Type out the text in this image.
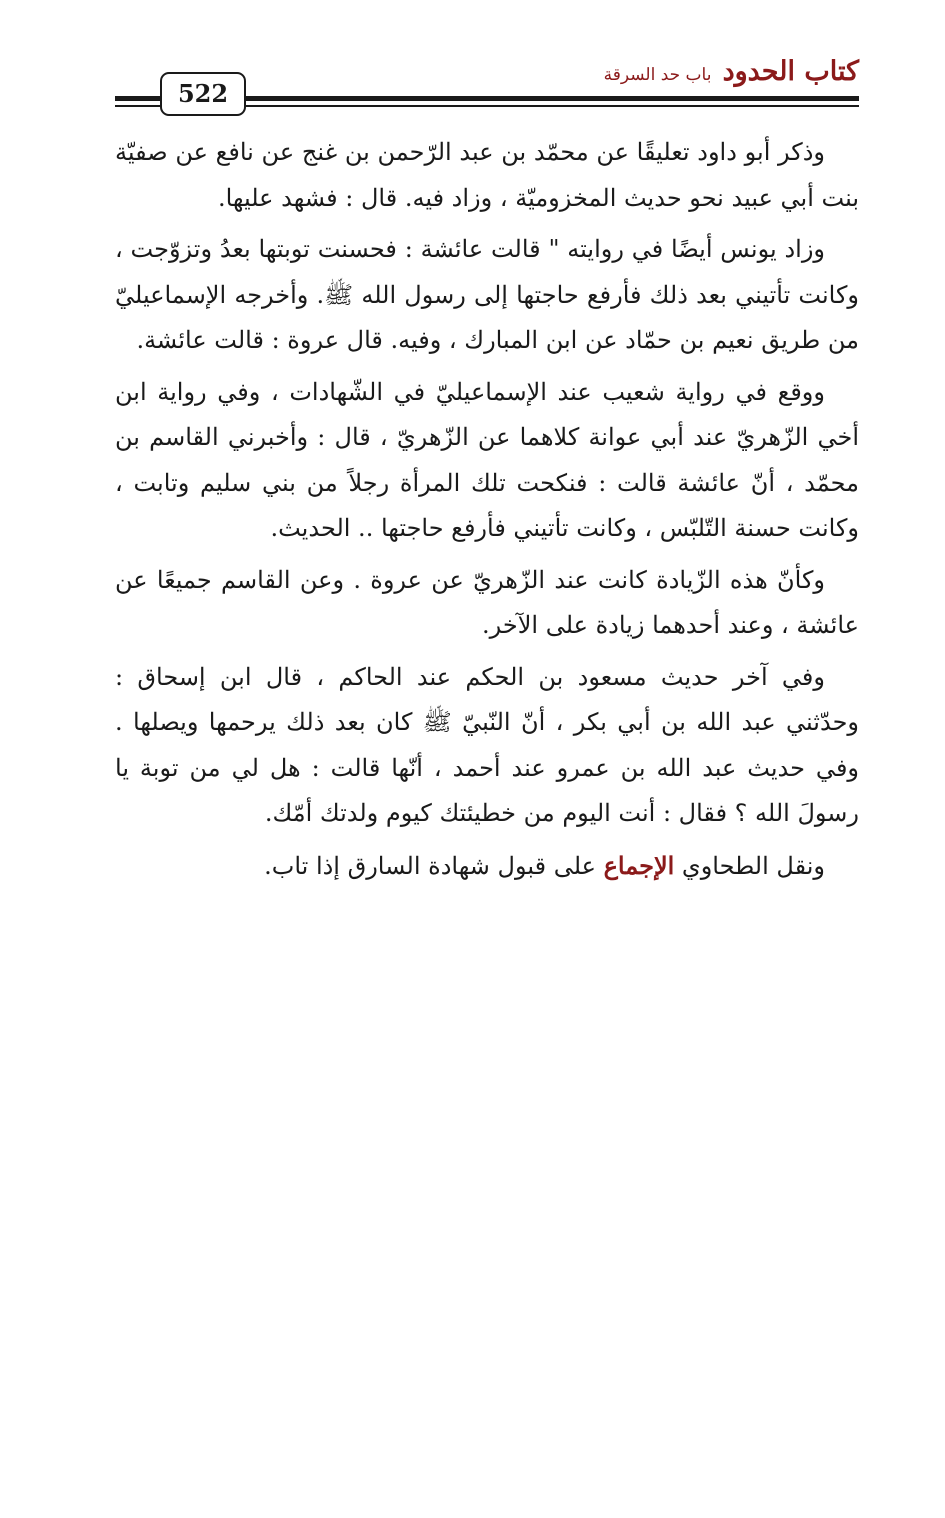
كتاب الحدود باب حد السرقة
522

وذكر أبو داود تعليقًا عن محمّد بن عبد الرّحمن بن غنج عن نافع عن صفيّة بنت أبي عبيد نحو حديث المخزوميّة ، وزاد فيه. قال : فشهد عليها.

وزاد يونس أيضًا في روايته " قالت عائشة : فحسنت توبتها بعدُ وتزوّجت ، وكانت تأتيني بعد ذلك فأرفع حاجتها إلى رسول الله ﷺ. وأخرجه الإسماعيليّ من طريق نعيم بن حمّاد عن ابن المبارك ، وفيه. قال عروة : قالت عائشة.

ووقع في رواية شعيب عند الإسماعيليّ في الشّهادات ، وفي رواية ابن أخي الزّهريّ عند أبي عوانة كلاهما عن الزّهريّ ، قال : وأخبرني القاسم بن محمّد ، أنّ عائشة قالت : فنكحت تلك المرأة رجلاً من بني سليم وتابت ، وكانت حسنة التّلبّس ، وكانت تأتيني فأرفع حاجتها .. الحديث.

وكأنّ هذه الزّيادة كانت عند الزّهريّ عن عروة . وعن القاسم جميعًا عن عائشة ، وعند أحدهما زيادة على الآخر.

وفي آخر حديث مسعود بن الحكم عند الحاكم ، قال ابن إسحاق : وحدّثني عبد الله بن أبي بكر ، أنّ النّبيّ ﷺ كان بعد ذلك يرحمها ويصلها . وفي حديث عبد الله بن عمرو عند أحمد ، أنّها قالت : هل لي من توبة يا رسولَ الله ؟ فقال : أنت اليوم من خطيئتك كيوم ولدتك أمّك.

ونقل الطحاوي الإجماع على قبول شهادة السارق إذا تاب.
